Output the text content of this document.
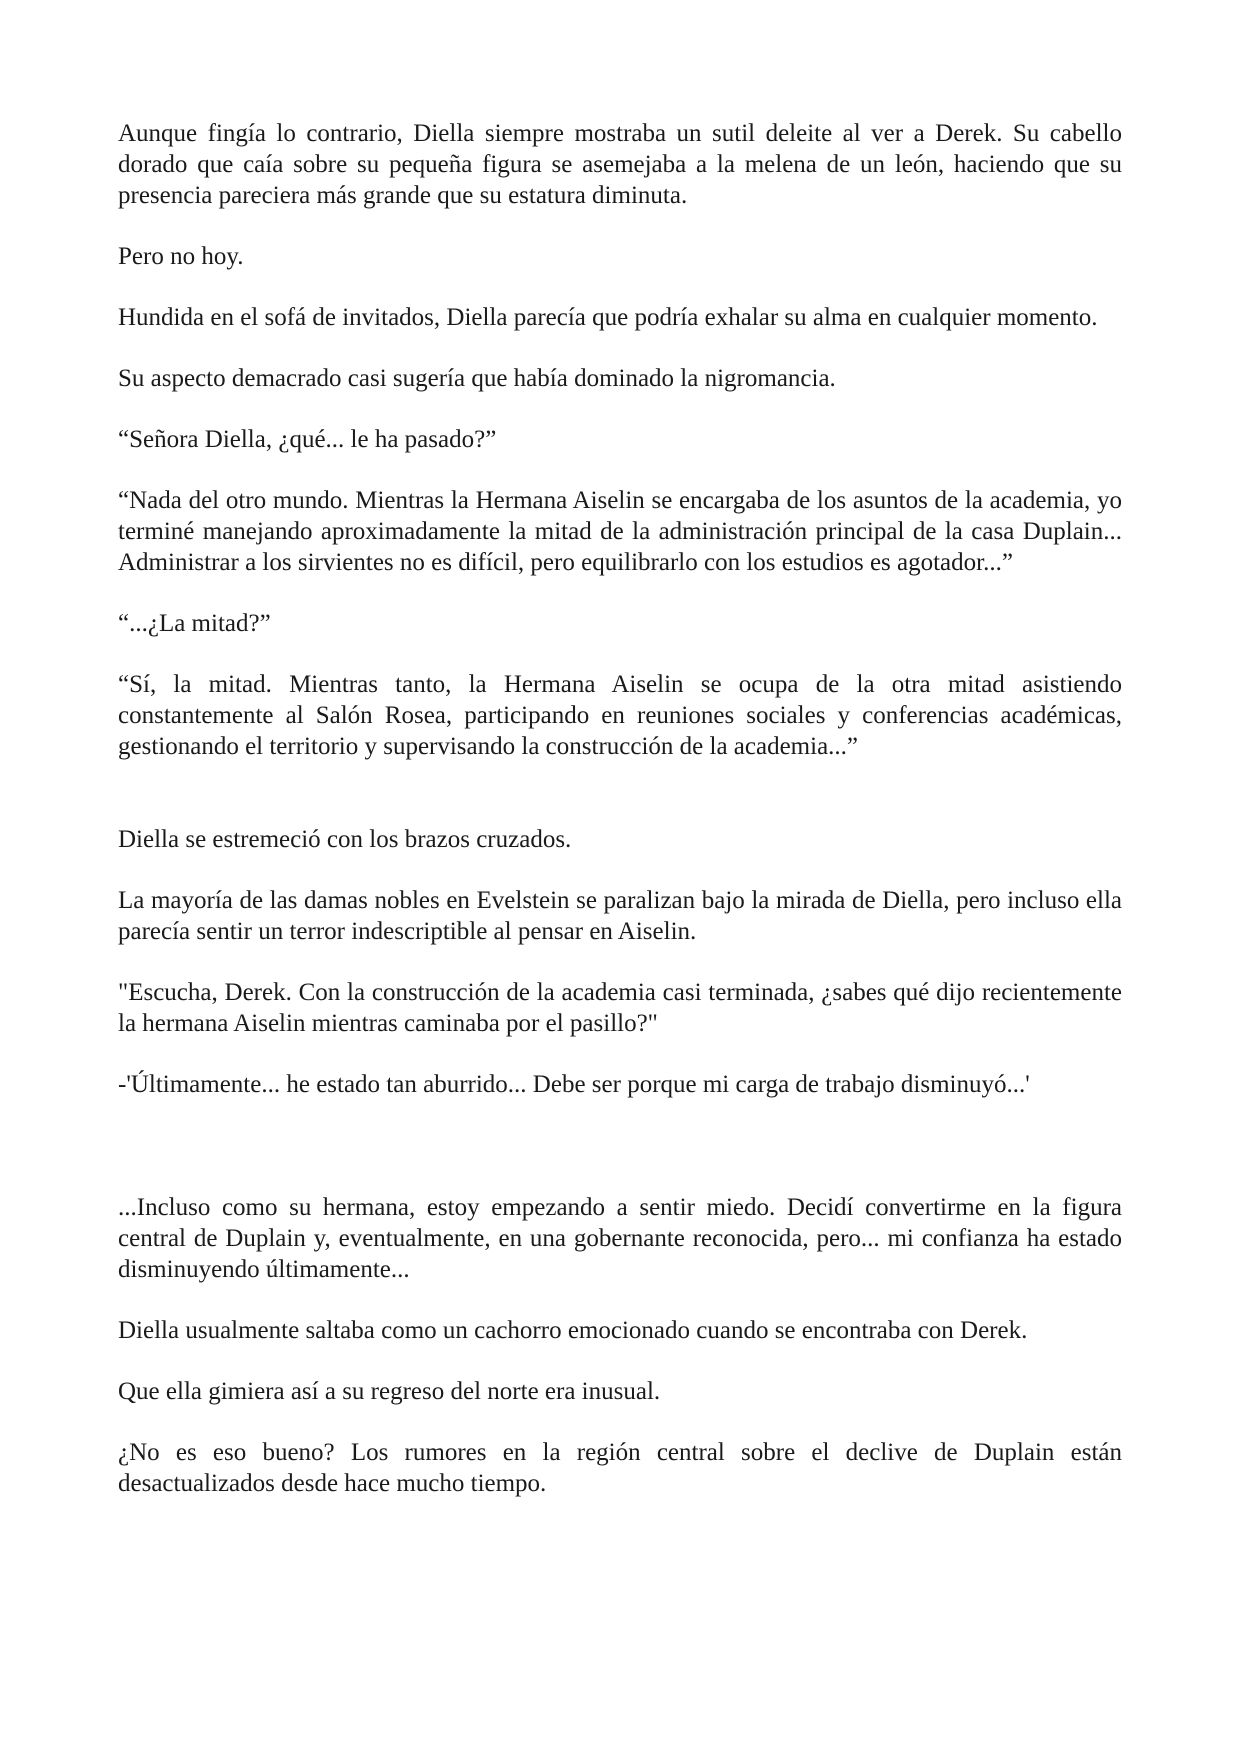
Aunque fingía lo contrario, Diella siempre mostraba un sutil deleite al ver a Derek. Su cabello dorado que caía sobre su pequeña figura se asemejaba a la melena de un león, haciendo que su presencia pareciera más grande que su estatura diminuta.

Pero no hoy.

Hundida en el sofá de invitados, Diella parecía que podría exhalar su alma en cualquier momento.

Su aspecto demacrado casi sugería que había dominado la nigromancia.

“Señora Diella, ¿qué... le ha pasado?”

“Nada del otro mundo. Mientras la Hermana Aiselin se encargaba de los asuntos de la academia, yo terminé manejando aproximadamente la mitad de la administración principal de la casa Duplain... Administrar a los sirvientes no es difícil, pero equilibrarlo con los estudios es agotador...”

“...¿La mitad?”

“Sí, la mitad. Mientras tanto, la Hermana Aiselin se ocupa de la otra mitad asistiendo constantemente al Salón Rosea, participando en reuniones sociales y conferencias académicas, gestionando el territorio y supervisando la construcción de la academia...”

Diella se estremeció con los brazos cruzados.

La mayoría de las damas nobles en Evelstein se paralizan bajo la mirada de Diella, pero incluso ella parecía sentir un terror indescriptible al pensar en Aiselin.

"Escucha, Derek. Con la construcción de la academia casi terminada, ¿sabes qué dijo recientemente la hermana Aiselin mientras caminaba por el pasillo?"

-'Últimamente... he estado tan aburrido... Debe ser porque mi carga de trabajo disminuyó...'

...Incluso como su hermana, estoy empezando a sentir miedo. Decidí convertirme en la figura central de Duplain y, eventualmente, en una gobernante reconocida, pero... mi confianza ha estado disminuyendo últimamente...

Diella usualmente saltaba como un cachorro emocionado cuando se encontraba con Derek.

Que ella gimiera así a su regreso del norte era inusual.

¿No es eso bueno? Los rumores en la región central sobre el declive de Duplain están desactualizados desde hace mucho tiempo.
